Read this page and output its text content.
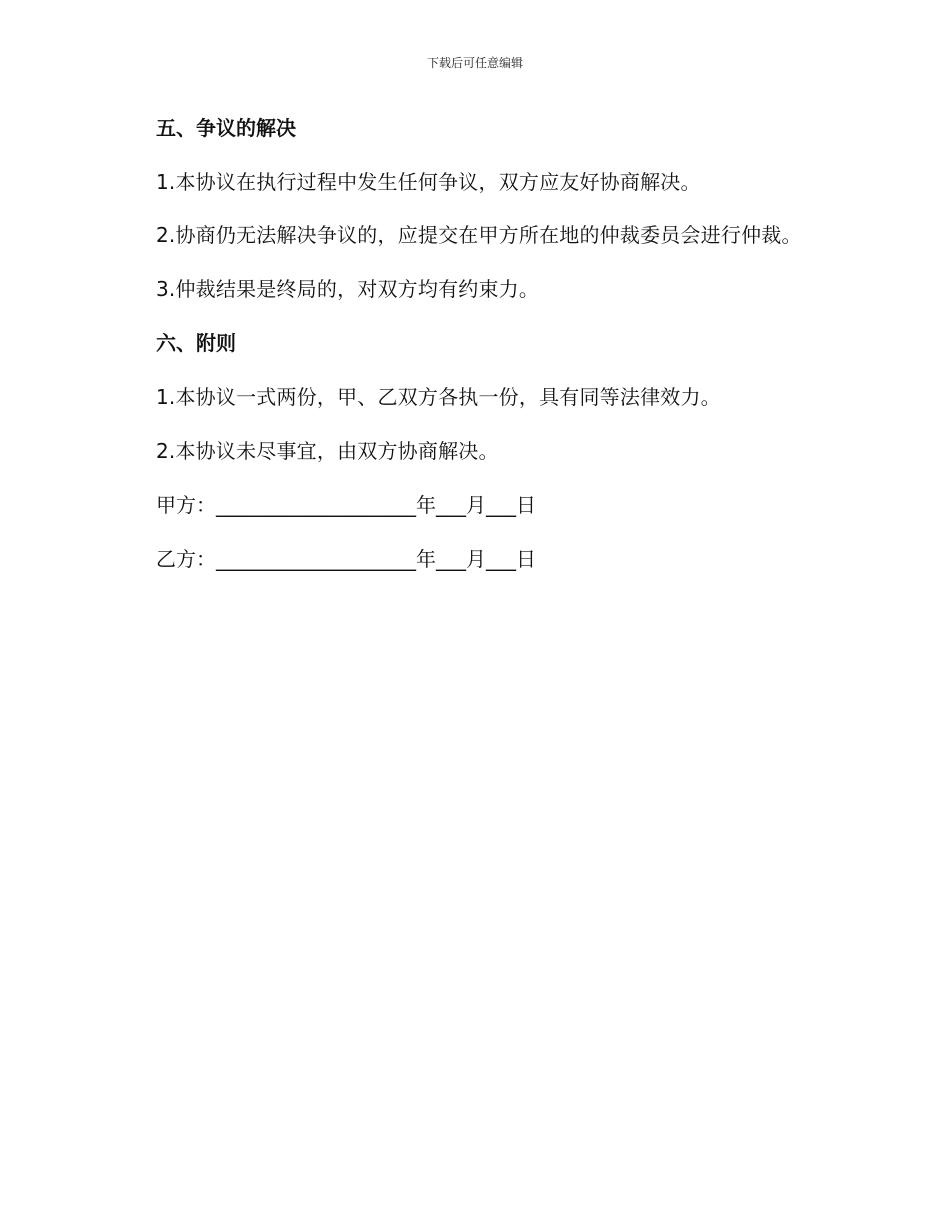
下载后可任意编辑
五、争议的解决
1.本协议在执行过程中发生任何争议，双方应友好协商解决。
2.协商仍无法解决争议的，应提交在甲方所在地的仲裁委员会进行仲裁。
3.仲裁结果是终局的，对双方均有约束力。
六、附则
1.本协议一式两份，甲、乙双方各执一份，具有同等法律效力。
2.本协议未尽事宜，由双方协商解决。
甲方：____________________年___月___日
乙方：____________________年___月___日
